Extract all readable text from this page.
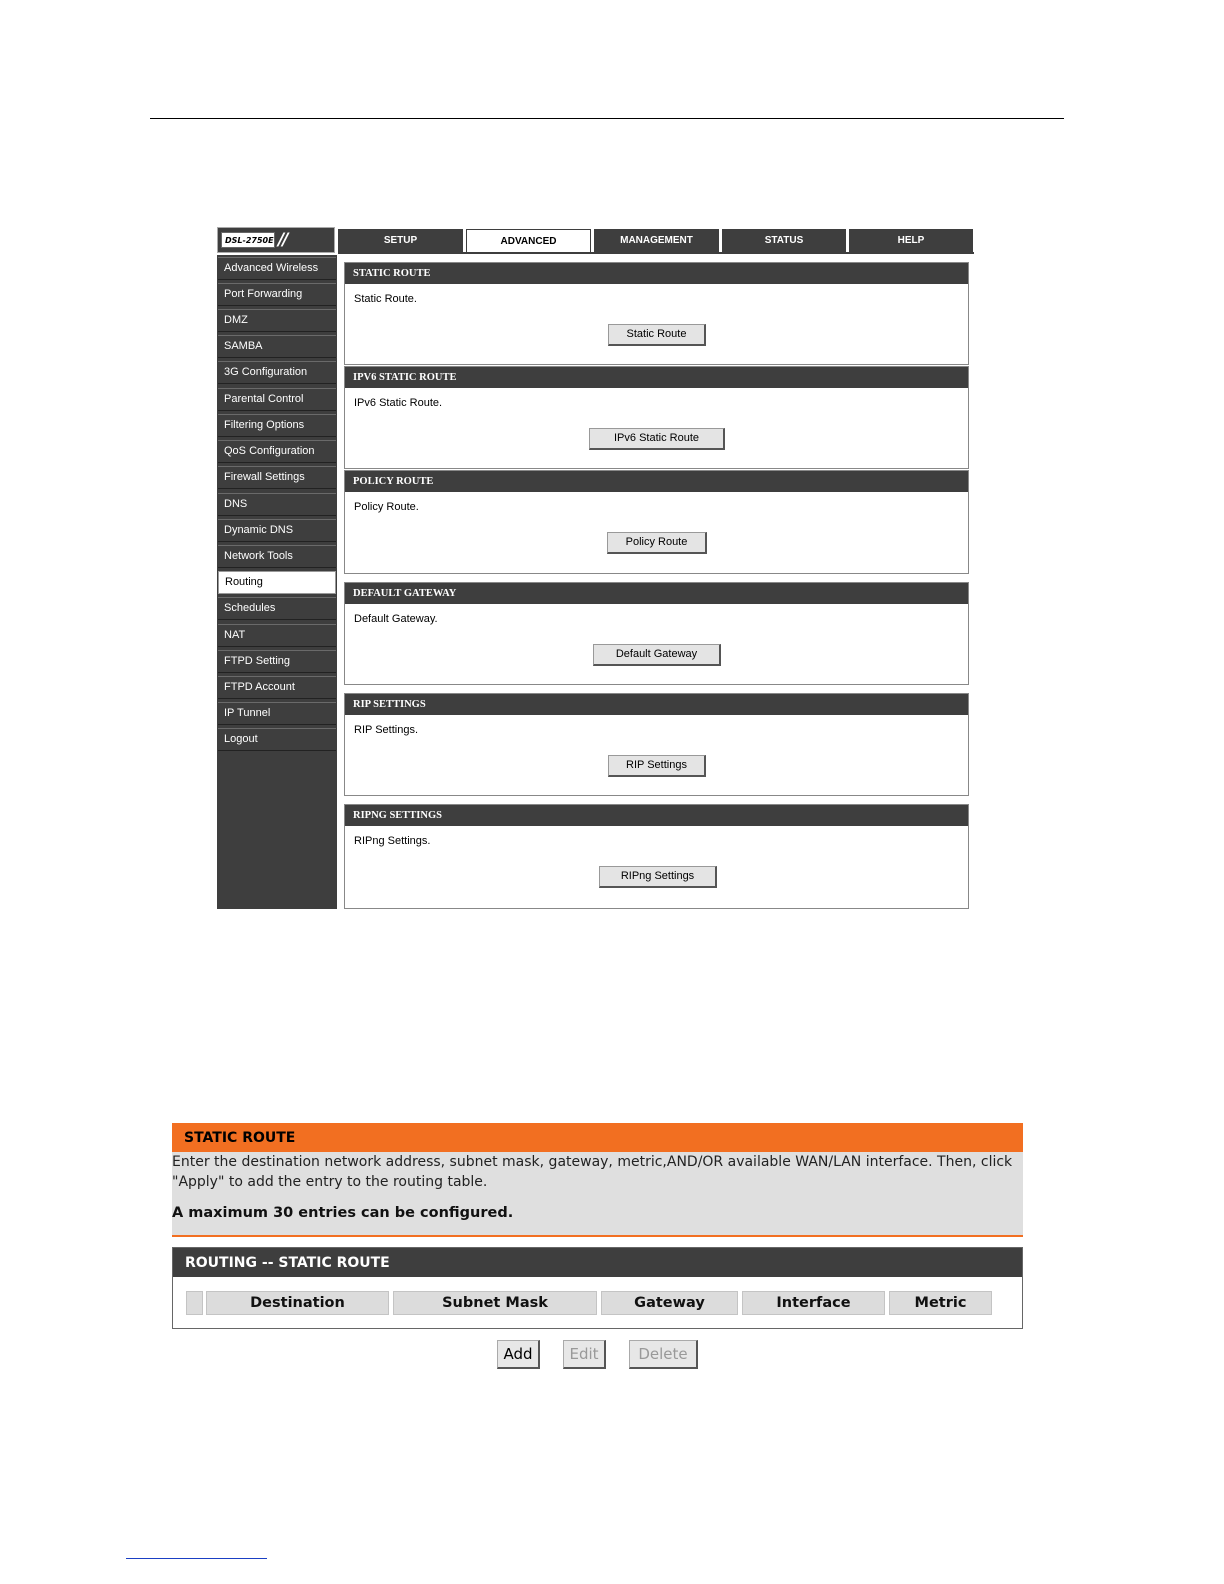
DSL-2750E //	SETUP	ADVANCED	MANAGEMENT	STATUS	HELP
Advanced Wireless
Port Forwarding
DMZ
SAMBA
3G Configuration
Parental Control
Filtering Options
QoS Configuration
Firewall Settings
DNS
Dynamic DNS
Network Tools
Routing
Schedules
NAT
FTPD Setting
FTPD Account
IP Tunnel
Logout
STATIC ROUTE
Static Route.
Static Route
IPV6 STATIC ROUTE
IPv6 Static Route.
IPv6 Static Route
POLICY ROUTE
Policy Route.
Policy Route
DEFAULT GATEWAY
Default Gateway.
Default Gateway
RIP SETTINGS
RIP Settings.
RIP Settings
RIPNG SETTINGS
RIPng Settings.
RIPng Settings
STATIC ROUTE
Enter the destination network address, subnet mask, gateway, metric,AND/OR available WAN/LAN interface. Then, click
"Apply" to add the entry to the routing table.
A maximum 30 entries can be configured.
ROUTING -- STATIC ROUTE
Destination	Subnet Mask	Gateway	Interface	Metric
Add	Edit	Delete
